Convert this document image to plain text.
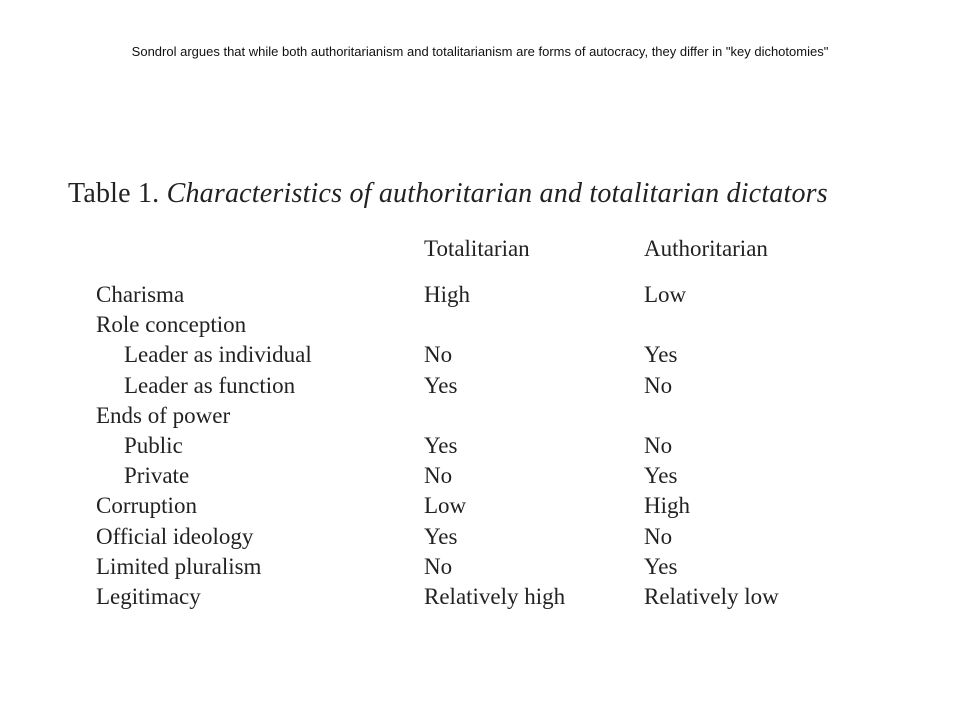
Sondrol argues that while both authoritarianism and totalitarianism are forms of autocracy, they differ in "key dichotomies"
Table 1. Characteristics of authoritarian and totalitarian dictators
Totalitarian	Authoritarian
Charisma	High	Low
Role conception
Leader as individual	No	Yes
Leader as function	Yes	No
Ends of power
Public	Yes	No
Private	No	Yes
Corruption	Low	High
Official ideology	Yes	No
Limited pluralism	No	Yes
Legitimacy	Relatively high	Relatively low
